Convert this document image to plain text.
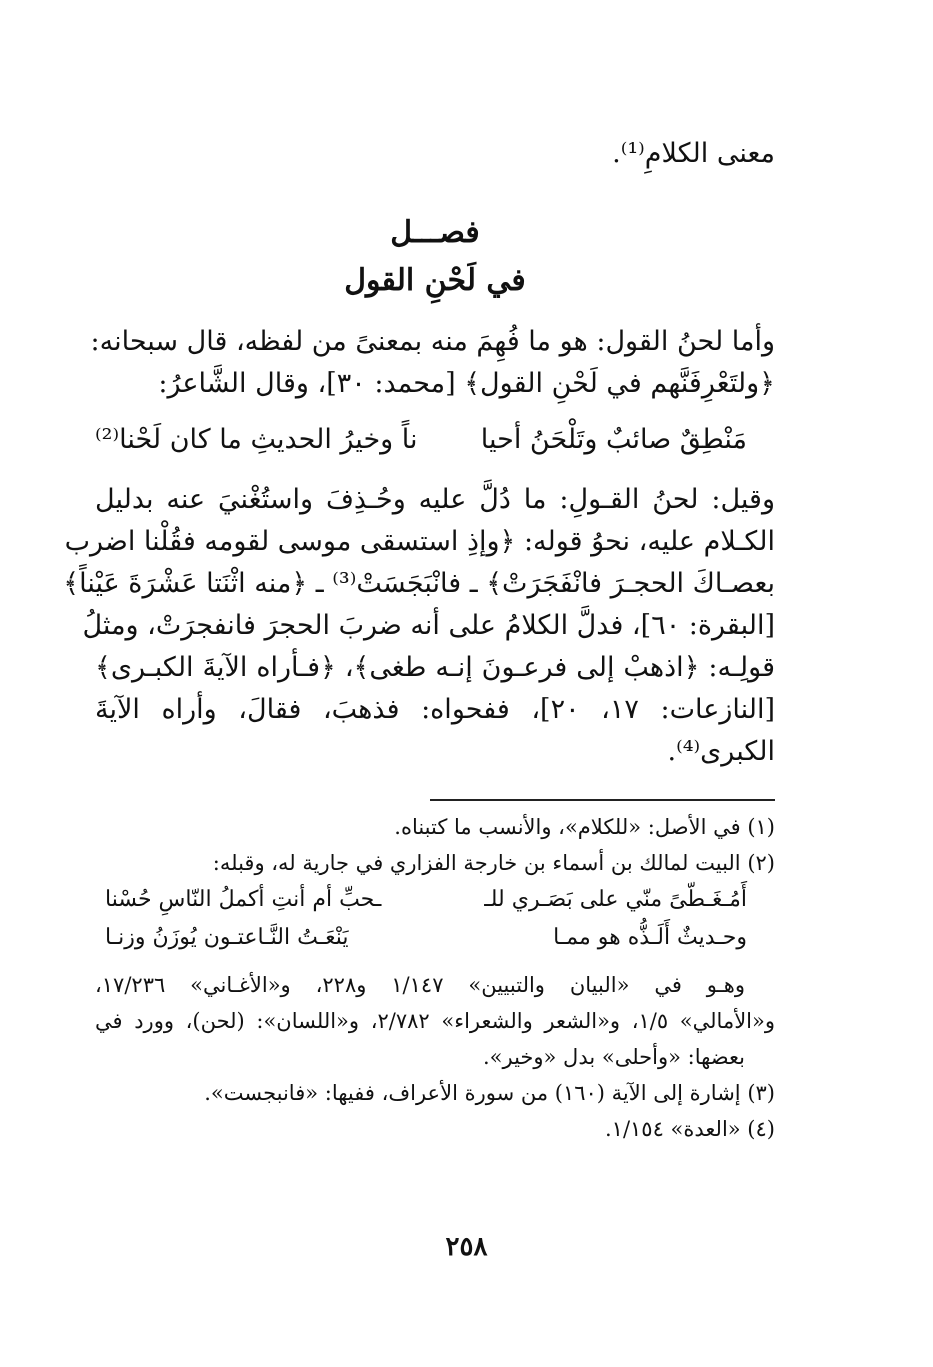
معنى الكلامِ⁽¹⁾.
فصـــل
في لَحْنِ القول
وأما لحنُ القول: هو ما فُهِمَ منه بمعنىً من لفظه، قال سبحانه:
﴿ولتَعْرِفَنَّهم في لَحْنِ القول﴾ [محمد: ٣٠]، وقال الشَّاعرُ:
مَنْطِقٌ صائبٌ وتَلْحَنُ أحيا
ناً وخيرُ الحديثِ ما كان لَحْنا⁽²⁾
وقيل: لحنُ القـولِ: ما دُلَّ عليه وحُـذِفَ واستُغْنيَ عنه بدليل
الكـلام عليه، نحوُ قوله: ﴿وإذِ استسقى موسى لقومه فقُلْنا اضرب
بعصـاكَ الحجـرَ فانْفَجَرَتْ﴾ ـ فانْبَجَسَتْ⁽³⁾ ـ ﴿منه اثْنَتا عَشْرَةَ عَيْناً﴾
[البقرة: ٦٠]، فدلَّ الكلامُ على أنه ضربَ الحجرَ فانفجرَتْ، ومثلُ
قولِـه: ﴿اذهبْ إلى فرعـونَ إنـه طغى﴾، ﴿فـأراه الآيةَ الكبـرى﴾
[النازعات: ١٧، ٢٠]، ففحواه: فذهبَ، فقالَ، وأراه الآيةَ
الكبرى⁽⁴⁾.
(١) في الأصل: «للكلام»، والأنسب ما كتبناه.
(٢) البيت لمالك بن أسماء بن خارجة الفزاري في جارية له، وقبله:
أَمُـغَـطّىً منّي على بَصَـري للـ
ـحبِّ أم أنتِ أكملُ النّاسِ حُسْنا
وحـديثٌ أَلَـذُّه هو ممـا
يَنْعَـتُ النَّـاعتـون يُوزَنُ وزنـا
وهـو في «البيان والتبيين» ١/١٤٧ و٢٢٨، و«الأغـاني» ١٧/٢٣٦،
و«الأمالي» ١/٥، و«الشعر والشعراء» ٢/٧٨٢، و«اللسان»: (لحن)، وورد في
بعضها: «وأحلى» بدل «وخير».
(٣) إشارة إلى الآية (١٦٠) من سورة الأعراف، ففيها: «فانبجست».
(٤) «العدة» ١/١٥٤.
٢٥٨
